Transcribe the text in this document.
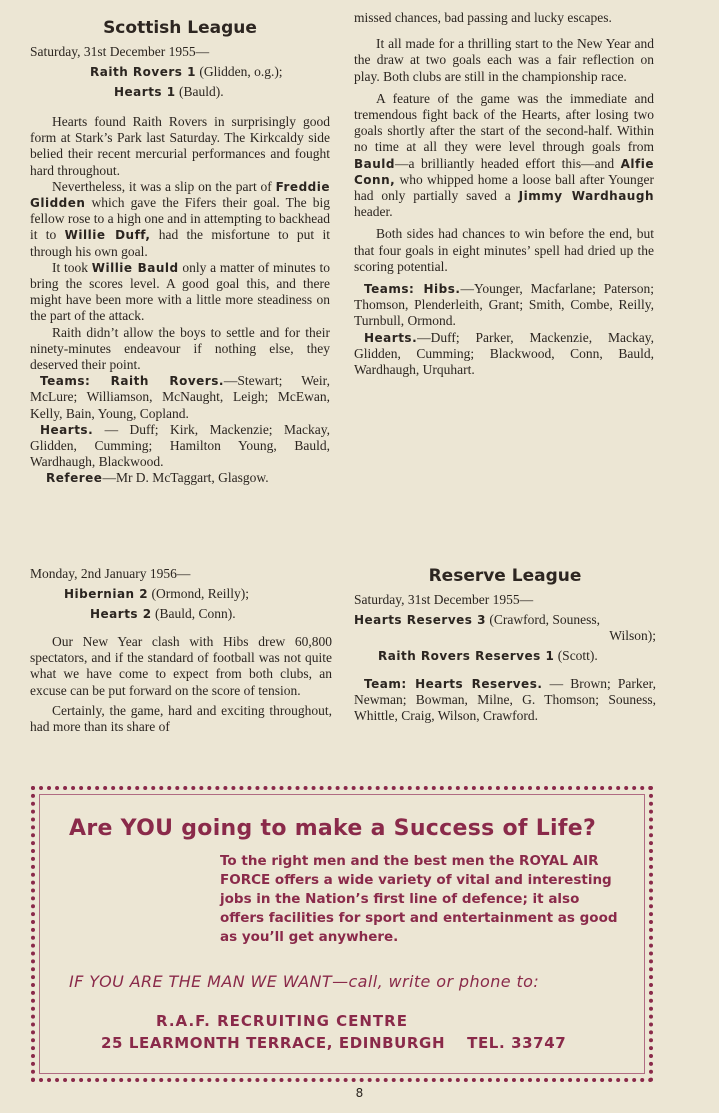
Scottish League
Saturday, 31st December 1955—
Raith Rovers 1 (Glidden, o.g.);
Hearts 1 (Bauld).

Hearts found Raith Rovers in surprisingly good form at Stark’s Park last Saturday. The Kirkcaldy side belied their recent mercurial performances and fought hard throughout.

Nevertheless, it was a slip on the part of Freddie Glidden which gave the Fifers their goal. The big fellow rose to a high one and in attempting to backhead it to Willie Duff, had the misfortune to put it through his own goal.

It took Willie Bauld only a matter of minutes to bring the scores level. A good goal this, and there might have been more with a little more steadiness on the part of the attack.

Raith didn’t allow the boys to settle and for their ninety-minutes endeavour if nothing else, they deserved their point.

Teams: Raith Rovers.—Stewart; Weir, McLure; Williamson, McNaught, Leigh; McEwan, Kelly, Bain, Young, Copland.

Hearts. — Duff; Kirk, Mackenzie; Mackay, Glidden, Cumming; Hamilton Young, Bauld, Wardhaugh, Blackwood.

Referee—Mr D. McTaggart, Glasgow.

missed chances, bad passing and lucky escapes.

It all made for a thrilling start to the New Year and the draw at two goals each was a fair reflection on play. Both clubs are still in the championship race.

A feature of the game was the immediate and tremendous fight back of the Hearts, after losing two goals shortly after the start of the second-half. Within no time at all they were level through goals from Bauld—a brilliantly headed effort this—and Alfie Conn, who whipped home a loose ball after Younger had only partially saved a Jimmy Wardhaugh header.

Both sides had chances to win before the end, but that four goals in eight minutes’ spell had dried up the scoring potential.

Teams: Hibs.—Younger, Macfarlane; Paterson; Thomson, Plenderleith, Grant; Smith, Combe, Reilly, Turnbull, Ormond.

Hearts.—Duff; Parker, Mackenzie, Mackay, Glidden, Cumming; Blackwood, Conn, Bauld, Wardhaugh, Urquhart.

Monday, 2nd January 1956—
Hibernian 2 (Ormond, Reilly);
Hearts 2 (Bauld, Conn).

Our New Year clash with Hibs drew 60,800 spectators, and if the standard of football was not quite what we have come to expect from both clubs, an excuse can be put forward on the score of tension.

Certainly, the game, hard and exciting throughout, had more than its share of

Reserve League
Saturday, 31st December 1955—
Hearts Reserves 3 (Crawford, Souness,
Wilson);
Raith Rovers Reserves 1 (Scott).

Team: Hearts Reserves. — Brown; Parker, Newman; Bowman, Milne, G. Thomson; Souness, Whittle, Craig, Wilson, Crawford.

Are YOU going to make a Success of Life?
To the right men and the best men the ROYAL AIR FORCE offers a wide variety of vital and interesting jobs in the Nation’s first line of defence; it also offers facilities for sport and entertainment as good as you’ll get anywhere.
IF YOU ARE THE MAN WE WANT—call, write or phone to:
R.A.F. RECRUITING CENTRE
25 LEARMONTH TERRACE, EDINBURGH TEL. 33747
8
